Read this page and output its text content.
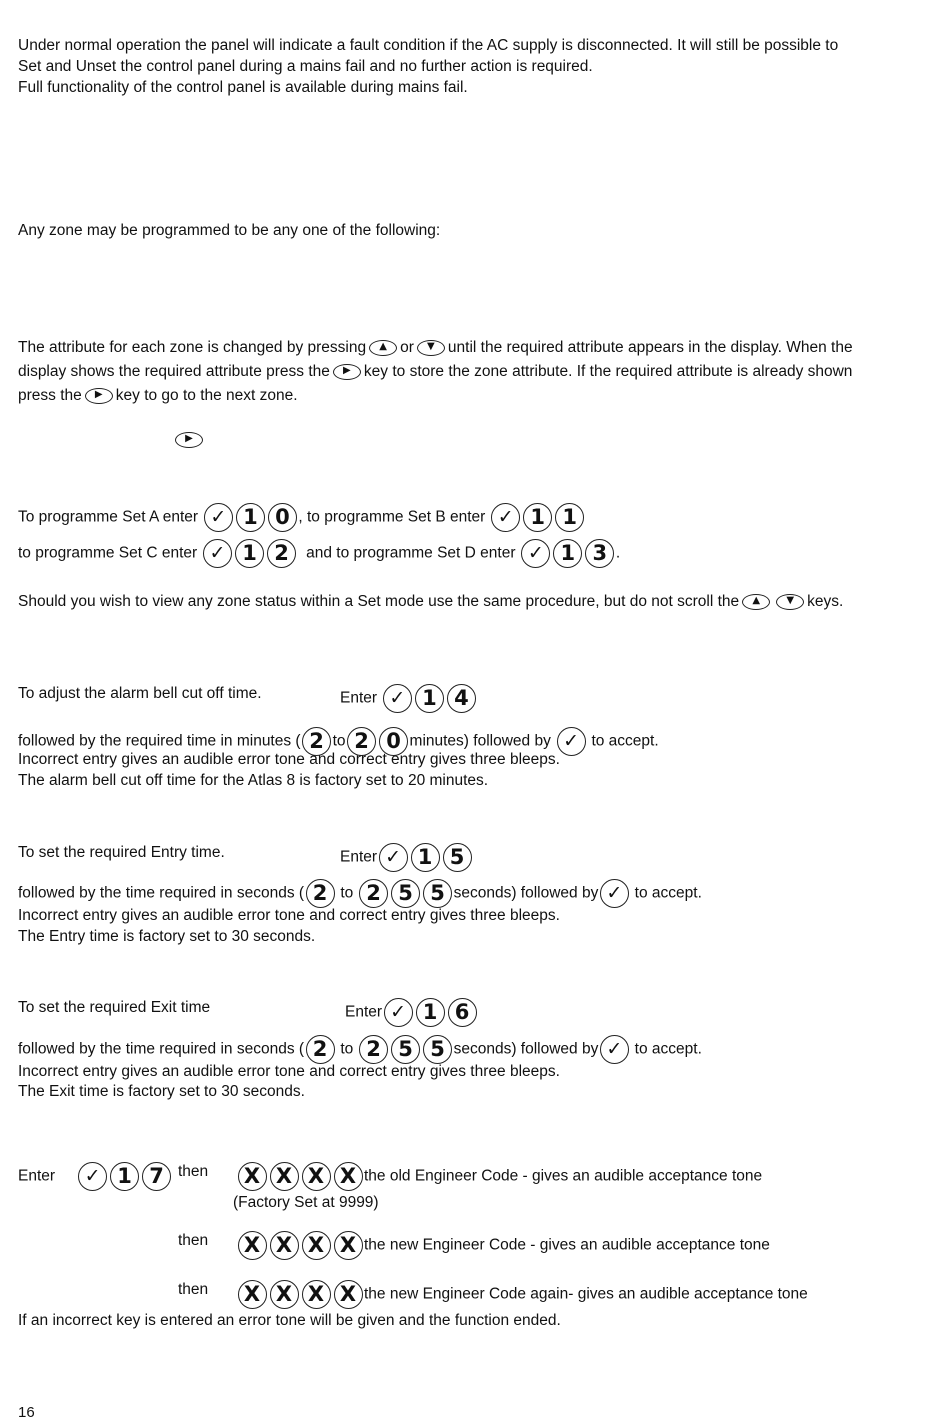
Under normal operation the panel will indicate a fault condition if the AC supply is disconnected. It will still be possible to
Set and Unset the control panel during a mains fail and no further action is required.
Full functionality of the control panel is available during mains fail.
Any zone may be programmed to be any one of the following:
The attribute for each zone is changed by pressing ▲ or ▼ until the required attribute appears in the display. When the
display shows the required attribute press the ▶ key to store the zone attribute. If the required attribute is already shown
press the ▶ key to go to the next zone.
▶
To programme Set A enter ✓ 1 0 , to programme Set B enter ✓ 1 1
to programme Set C enter ✓ 1 2 and to programme Set D enter ✓ 1 3 .
Should you wish to view any zone status within a Set mode use the same procedure, but do not scroll the ▲	▼ keys.
To adjust the alarm bell cut off time.	Enter ✓ 1 4
followed by the required time in minutes ( 2 to 2 0 minutes) followed by ✓ to accept.
Incorrect entry gives an audible error tone and correct entry gives three bleeps.
The alarm bell cut off time for the Atlas 8 is factory set to 20 minutes.
To set the required Entry time.	Enter ✓ 1 5
followed by the time required in seconds ( 2 to 2 5 5 seconds) followed by ✓ to accept.
Incorrect entry gives an audible error tone and correct entry gives three bleeps.
The Entry time is factory set to 30 seconds.
To set the required Exit time	Enter ✓ 1 6
followed by the time required in seconds ( 2 to 2 5 5 seconds) followed by ✓ to accept.
Incorrect entry gives an audible error tone and correct entry gives three bleeps.
The Exit time is factory set to 30 seconds.
Enter ✓ 1 7 then	X X X X the old Engineer Code - gives an audible acceptance tone
(Factory Set at 9999)
then	X X X X the new Engineer Code - gives an audible acceptance tone
then	X X X X the new Engineer Code again- gives an audible acceptance tone
If an incorrect key is entered an error tone will be given and the function ended.
16
